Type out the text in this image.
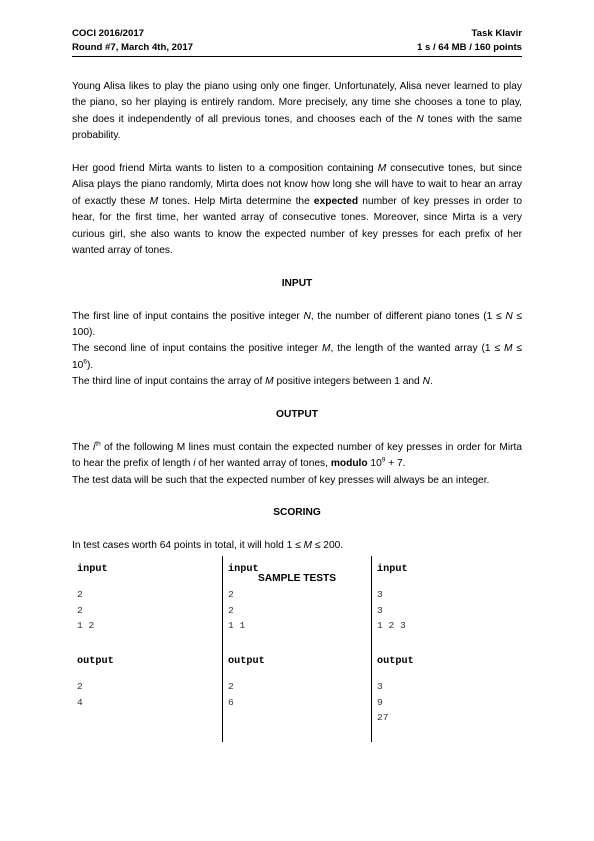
COCI 2016/2017	Task Klavir
Round #7, March 4th, 2017	1 s / 64 MB / 160 points

Young Alisa likes to play the piano using only one finger. Unfortunately, Alisa never learned to play the piano, so her playing is entirely random. More precisely, any time she chooses a tone to play, she does it independently of all previous tones, and chooses each of the N tones with the same probability.

Her good friend Mirta wants to listen to a composition containing M consecutive tones, but since Alisa plays the piano randomly, Mirta does not know how long she will have to wait to hear an array of exactly these M tones. Help Mirta determine the expected number of key presses in order to hear, for the first time, her wanted array of consecutive tones. Moreover, since Mirta is a very curious girl, she also wants to know the expected number of key presses for each prefix of her wanted array of tones.

INPUT

The first line of input contains the positive integer N, the number of different piano tones (1 ≤ N ≤ 100).

The second line of input contains the positive integer M, the length of the wanted array $(1 \le M \le 10^6)$.

The third line of input contains the array of M positive integers between 1 and N.

OUTPUT

The $i^{th}$ of the following M lines must contain the expected number of key presses in order for Mirta to hear the prefix of length i of her wanted array of tones, modulo $10^9 + 7$.

The test data will be such that the expected number of key presses will always be an integer.

SCORING

In test cases worth 64 points in total, it will hold 1 ≤ M ≤ 200.

SAMPLE TESTS

input
2
2
1 2
output
2
4
input
2
2
1 1
output
2
6
input
3
3
1 2 3
output
3
9
27
